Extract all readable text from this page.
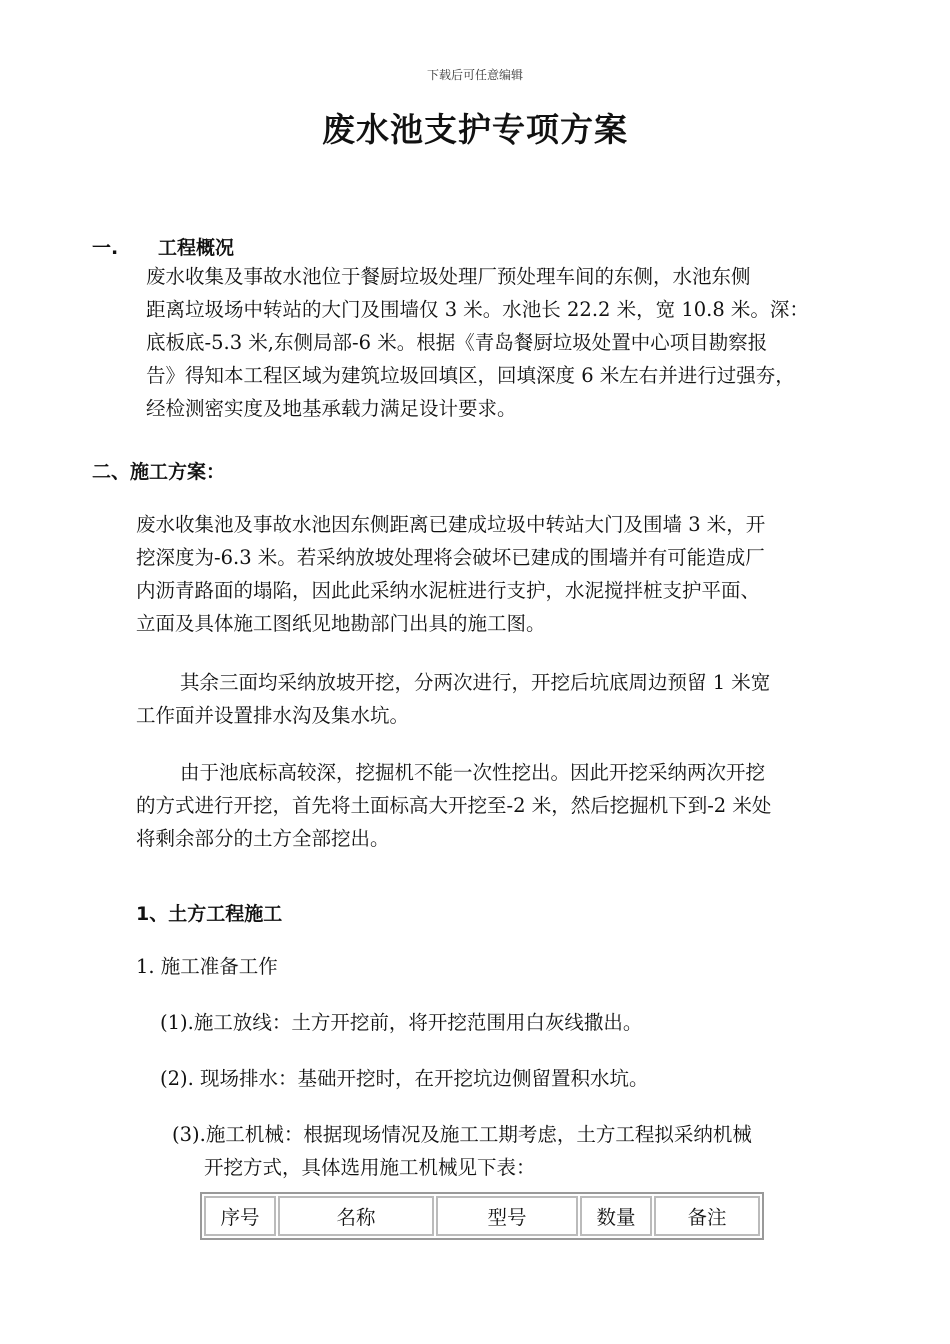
下载后可任意编辑
废水池支护专项方案
一. 工程概况
废水收集及事故水池位于餐厨垃圾处理厂预处理车间的东侧，水池东侧
距离垃圾场中转站的大门及围墙仅 3 米。水池长 22.2 米，宽 10.8 米。深：
底板底-5.3 米,东侧局部-6 米。根据《青岛餐厨垃圾处置中心项目勘察报
告》得知本工程区域为建筑垃圾回填区，回填深度 6 米左右并进行过强夯，
经检测密实度及地基承载力满足设计要求。
二、施工方案：
废水收集池及事故水池因东侧距离已建成垃圾中转站大门及围墙 3 米，开
挖深度为-6.3 米。若采纳放坡处理将会破坏已建成的围墙并有可能造成厂
内沥青路面的塌陷，因此此采纳水泥桩进行支护，水泥搅拌桩支护平面、
立面及具体施工图纸见地勘部门出具的施工图。
其余三面均采纳放坡开挖，分两次进行，开挖后坑底周边预留 1 米宽
工作面并设置排水沟及集水坑。
由于池底标高较深，挖掘机不能一次性挖出。因此开挖采纳两次开挖
的方式进行开挖，首先将土面标高大开挖至-2 米，然后挖掘机下到-2 米处
将剩余部分的土方全部挖出。
1、土方工程施工
1. 施工准备工作
(1).施工放线：土方开挖前，将开挖范围用白灰线撒出。
(2). 现场排水：基础开挖时，在开挖坑边侧留置积水坑。
(3).施工机械：根据现场情况及施工工期考虑，土方工程拟采纳机械
开挖方式，具体选用施工机械见下表：
序号	名称	型号	数量	备注
